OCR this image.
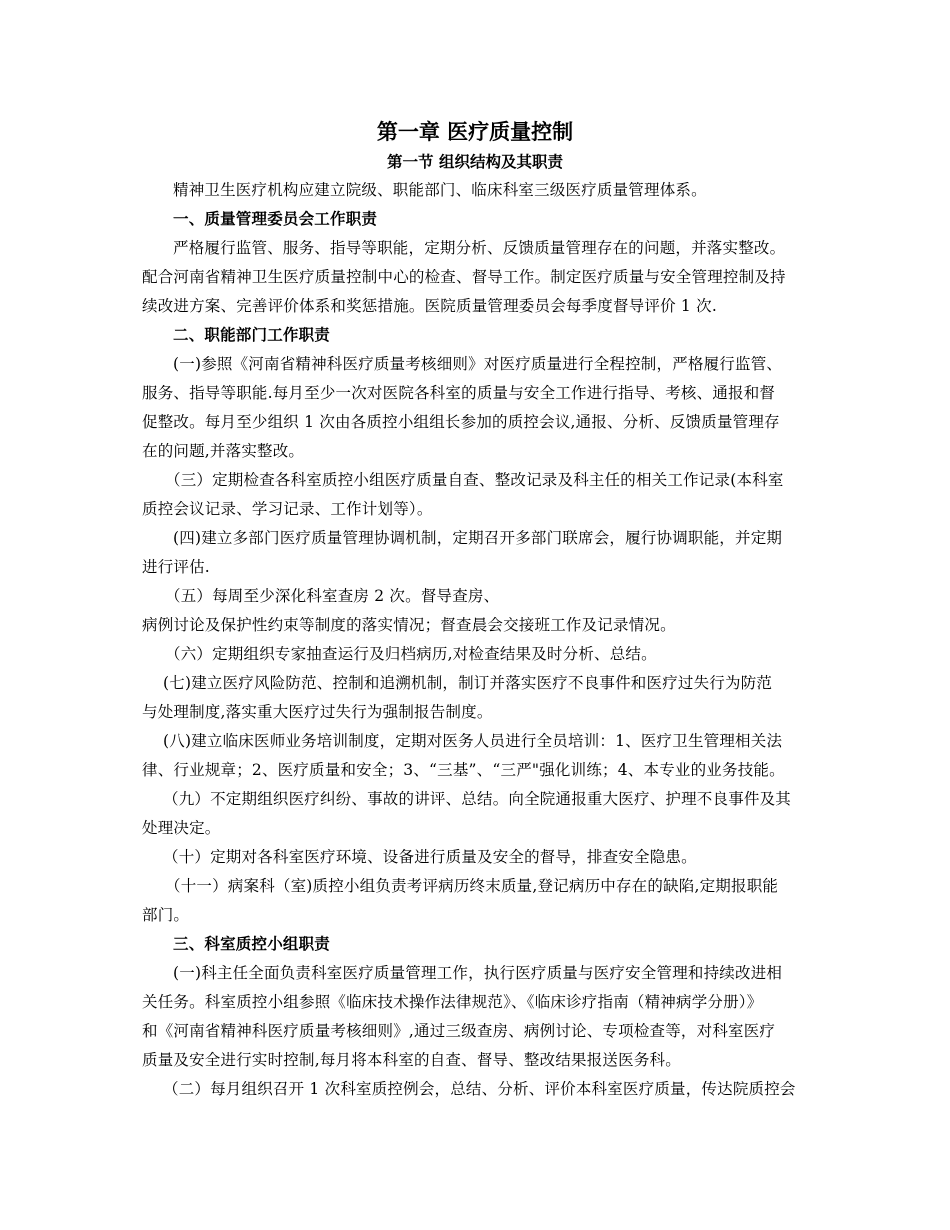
第一章 医疗质量控制
第一节 组织结构及其职责
精神卫生医疗机构应建立院级、职能部门、临床科室三级医疗质量管理体系。
一、质量管理委员会工作职责
严格履行监管、服务、指导等职能，定期分析、反馈质量管理存在的问题，并落实整改。
配合河南省精神卫生医疗质量控制中心的检查、督导工作。制定医疗质量与安全管理控制及持
续改进方案、完善评价体系和奖惩措施。医院质量管理委员会每季度督导评价 1 次.
二、职能部门工作职责
(一)参照《河南省精神科医疗质量考核细则》对医疗质量进行全程控制，严格履行监管、
服务、指导等职能.每月至少一次对医院各科室的质量与安全工作进行指导、考核、通报和督
促整改。每月至少组织 1 次由各质控小组组长参加的质控会议,通报、分析、反馈质量管理存
在的问题,并落实整改。
（三）定期检查各科室质控小组医疗质量自查、整改记录及科主任的相关工作记录(本科室
质控会议记录、学习记录、工作计划等）。
(四)建立多部门医疗质量管理协调机制，定期召开多部门联席会，履行协调职能，并定期
进行评估.
（五）每周至少深化科室查房 2 次。督导查房、
病例讨论及保护性约束等制度的落实情况；督查晨会交接班工作及记录情况。
（六）定期组织专家抽查运行及归档病历,对检查结果及时分析、总结。
(七)建立医疗风险防范、控制和追溯机制，制订并落实医疗不良事件和医疗过失行为防范
与处理制度,落实重大医疗过失行为强制报告制度。
(八)建立临床医师业务培训制度，定期对医务人员进行全员培训：1、医疗卫生管理相关法
律、行业规章；2、医疗质量和安全；3、“三基”、“三严"强化训练；4、本专业的业务技能。
（九）不定期组织医疗纠纷、事故的讲评、总结。向全院通报重大医疗、护理不良事件及其
处理决定。
（十）定期对各科室医疗环境、设备进行质量及安全的督导，排查安全隐患。
（十一）病案科（室)质控小组负责考评病历终末质量,登记病历中存在的缺陷,定期报职能
部门。
三、科室质控小组职责
(一)科主任全面负责科室医疗质量管理工作，执行医疗质量与医疗安全管理和持续改进相
关任务。科室质控小组参照《临床技术操作法律规范》、《临床诊疗指南（精神病学分册）》
和《河南省精神科医疗质量考核细则》,通过三级查房、病例讨论、专项检查等，对科室医疗
质量及安全进行实时控制,每月将本科室的自查、督导、整改结果报送医务科。
（二）每月组织召开 1 次科室质控例会，总结、分析、评价本科室医疗质量，传达院质控会
